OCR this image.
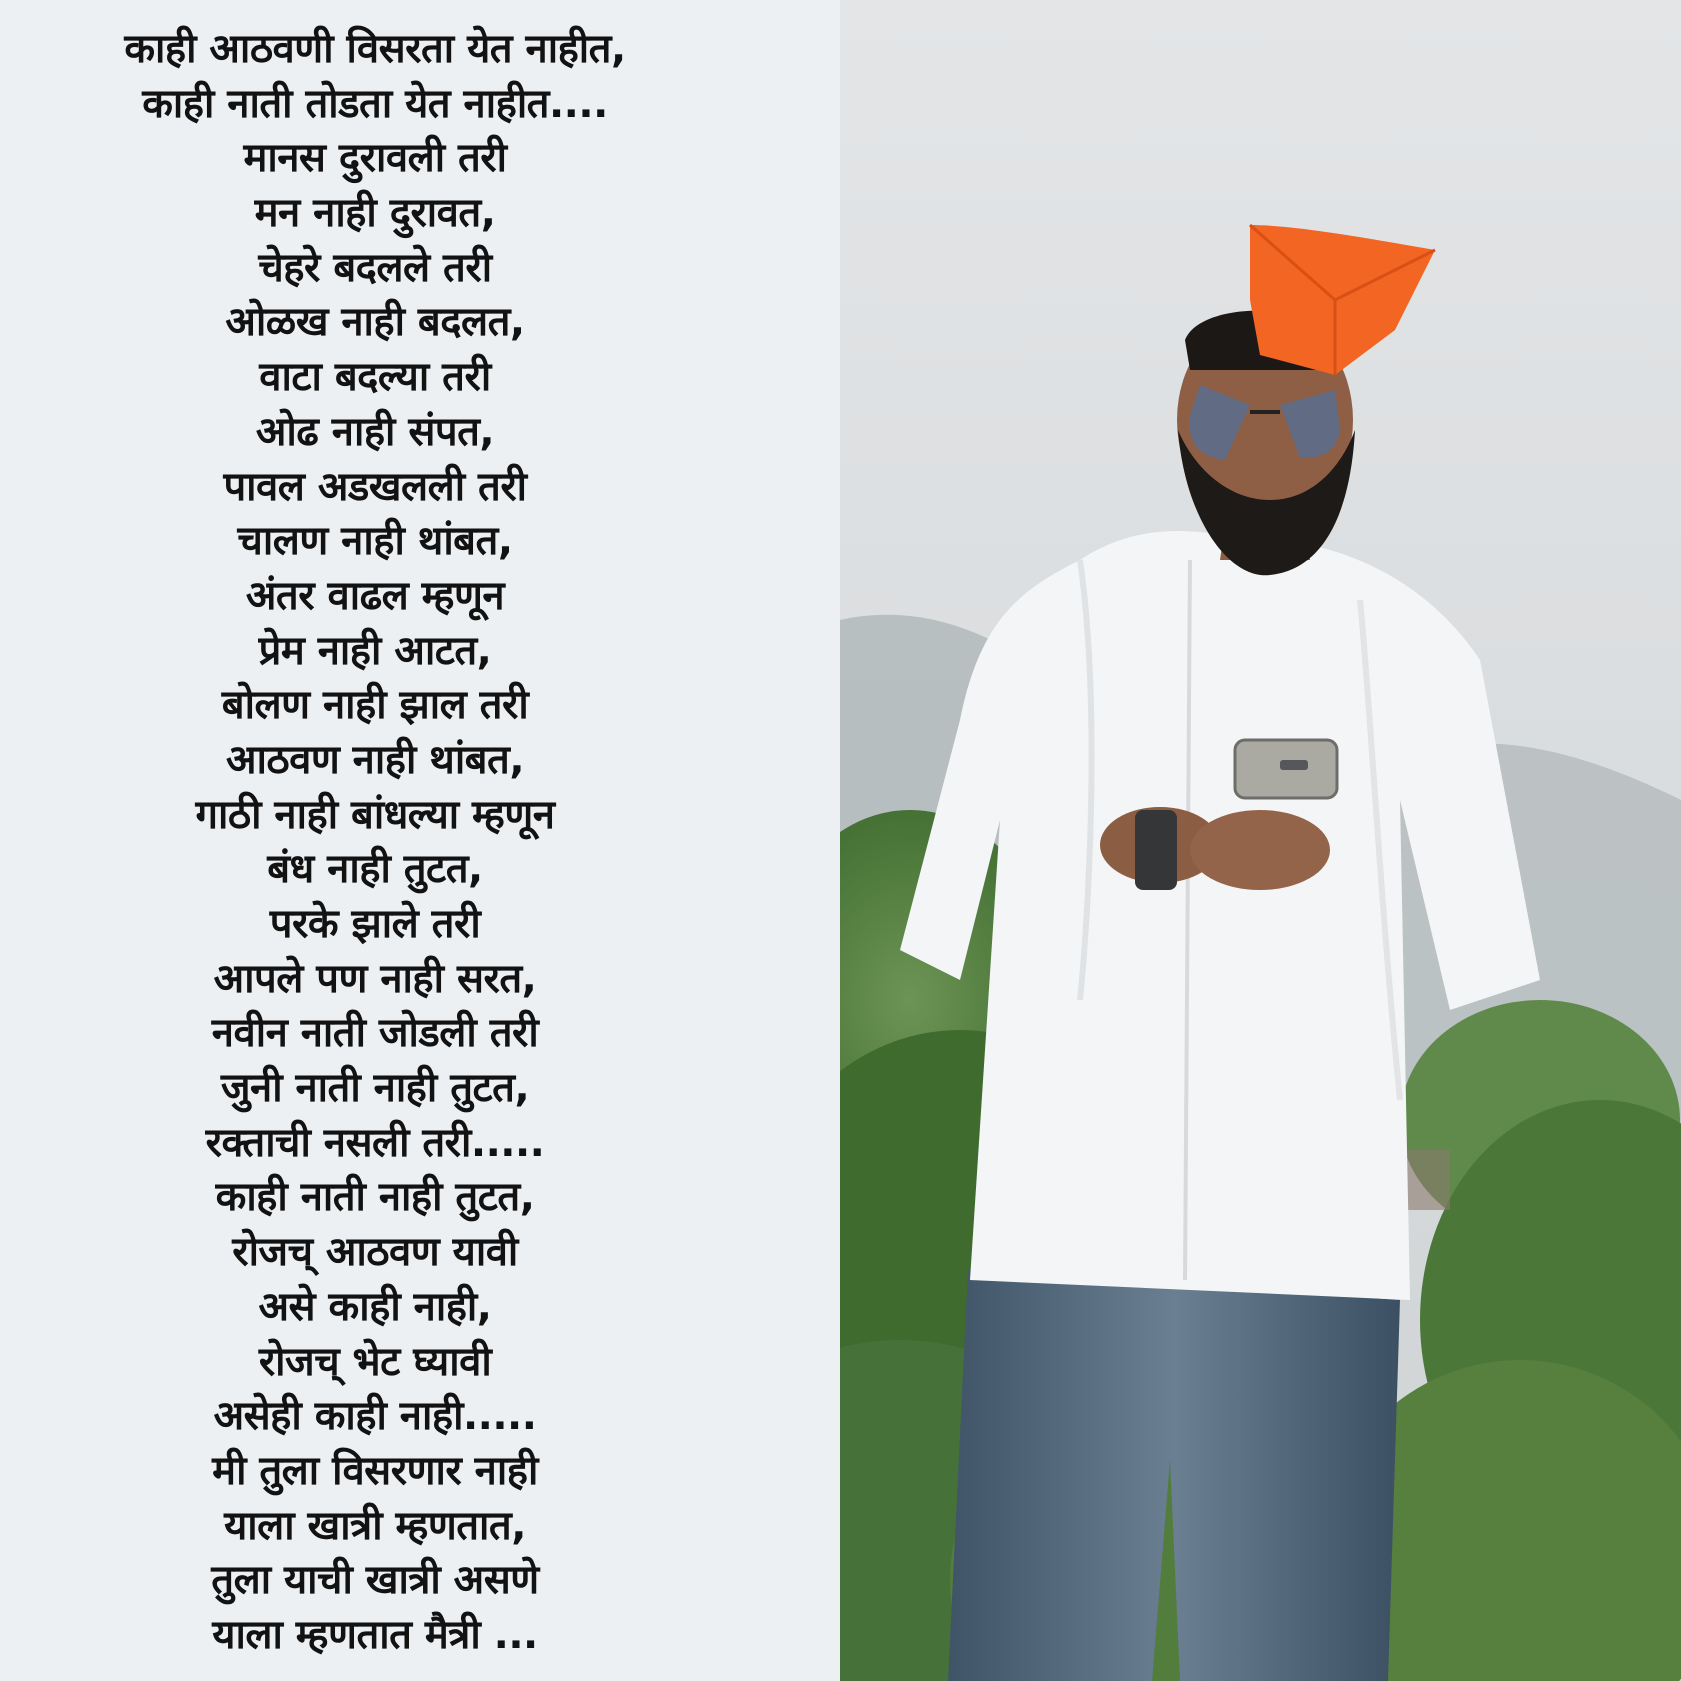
काही आठवणी विसरता येत नाहीत,
काही नाती तोडता येत नाहीत....
मानस दुरावली तरी
मन नाही दुरावत,
चेहरे बदलले तरी
ओळख नाही बदलत,
वाटा बदल्या तरी
ओढ नाही संपत,
पावल अडखलली तरी
चालण नाही थांबत,
अंतर वाढल म्हणून
प्रेम नाही आटत,
बोलण नाही झाल तरी
आठवण नाही थांबत,
गाठी नाही बांधल्या म्हणून
बंध नाही तुटत,
परके झाले तरी
आपले पण नाही सरत,
नवीन नाती जोडली तरी
जुनी नाती नाही तुटत,
रक्ताची नसली तरी.....
काही नाती नाही तुटत,
रोजच् आठवण यावी
असे काही नाही,
रोजच् भेट घ्यावी
असेही काही नाही.....
मी तुला विसरणार नाही
याला खात्री म्हणतात,
तुला याची खात्री असणे
याला म्हणतात मैत्री ...
